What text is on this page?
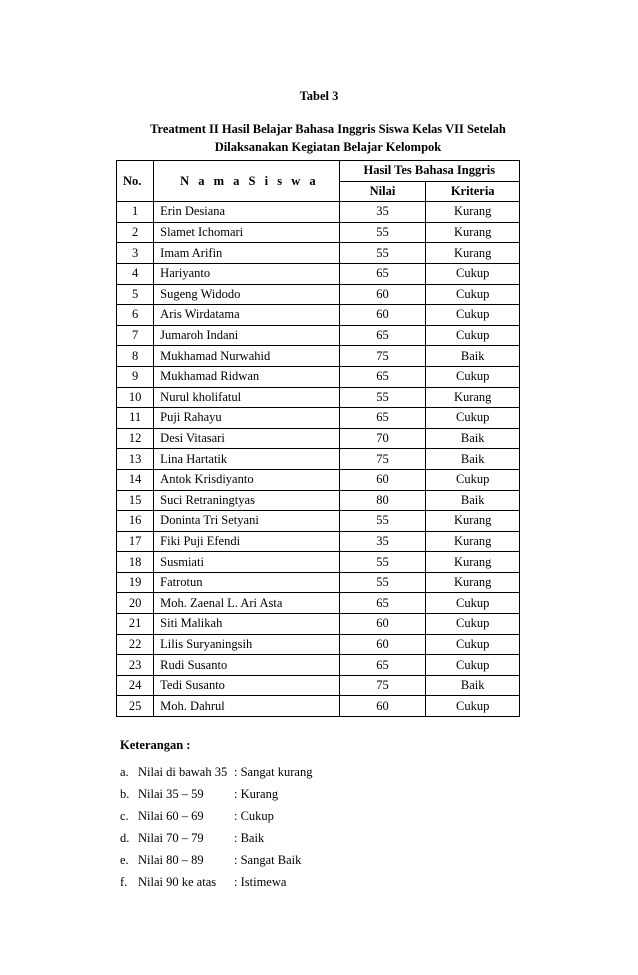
Tabel 3
Treatment II Hasil Belajar Bahasa Inggris Siswa Kelas VII Setelah Dilaksanakan Kegiatan Belajar Kelompok
No.	N a m a S i s w a	Hasil Tes Bahasa Inggris	
		Nilai	Kriteria
1	Erin Desiana	35	Kurang
2	Slamet Ichomari	55	Kurang
3	Imam Arifin	55	Kurang
4	Hariyanto	65	Cukup
5	Sugeng Widodo	60	Cukup
6	Aris Wirdatama	60	Cukup
7	Jumaroh Indani	65	Cukup
8	Mukhamad Nurwahid	75	Baik
9	Mukhamad Ridwan	65	Cukup
10	Nurul kholifatul	55	Kurang
11	Puji Rahayu	65	Cukup
12	Desi Vitasari	70	Baik
13	Lina Hartatik	75	Baik
14	Antok Krisdiyanto	60	Cukup
15	Suci Retraningtyas	80	Baik
16	Doninta Tri Setyani	55	Kurang
17	Fiki Puji Efendi	35	Kurang
18	Susmiati	55	Kurang
19	Fatrotun	55	Kurang
20	Moh. Zaenal L. Ari Asta	65	Cukup
21	Siti Malikah	60	Cukup
22	Lilis Suryaningsih	60	Cukup
23	Rudi Susanto	65	Cukup
24	Tedi Susanto	75	Baik
25	Moh. Dahrul	60	Cukup
Keterangan :
a. Nilai di bawah 35 : Sangat kurang
b. Nilai 35 – 59	: Kurang
c. Nilai 60 – 69	: Cukup
d. Nilai 70 – 79	: Baik
e. Nilai 80 – 89	: Sangat Baik
f. Nilai 90 ke atas	: Istimewa
